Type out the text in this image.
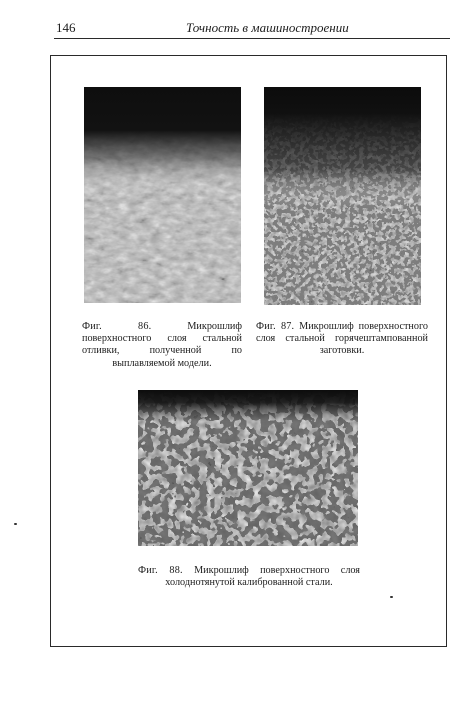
146	Точность в машиностроении
Фиг. 86.	Микрошлиф поверхностного слоя стальной отливки, полученной по выплавляемой модели.
Фиг. 87. Микрошлиф поверхностного слоя стальной горячештампованной заготовки.
Фиг. 88. Микрошлиф поверхностного слоя холоднотянутой калиброванной стали.
